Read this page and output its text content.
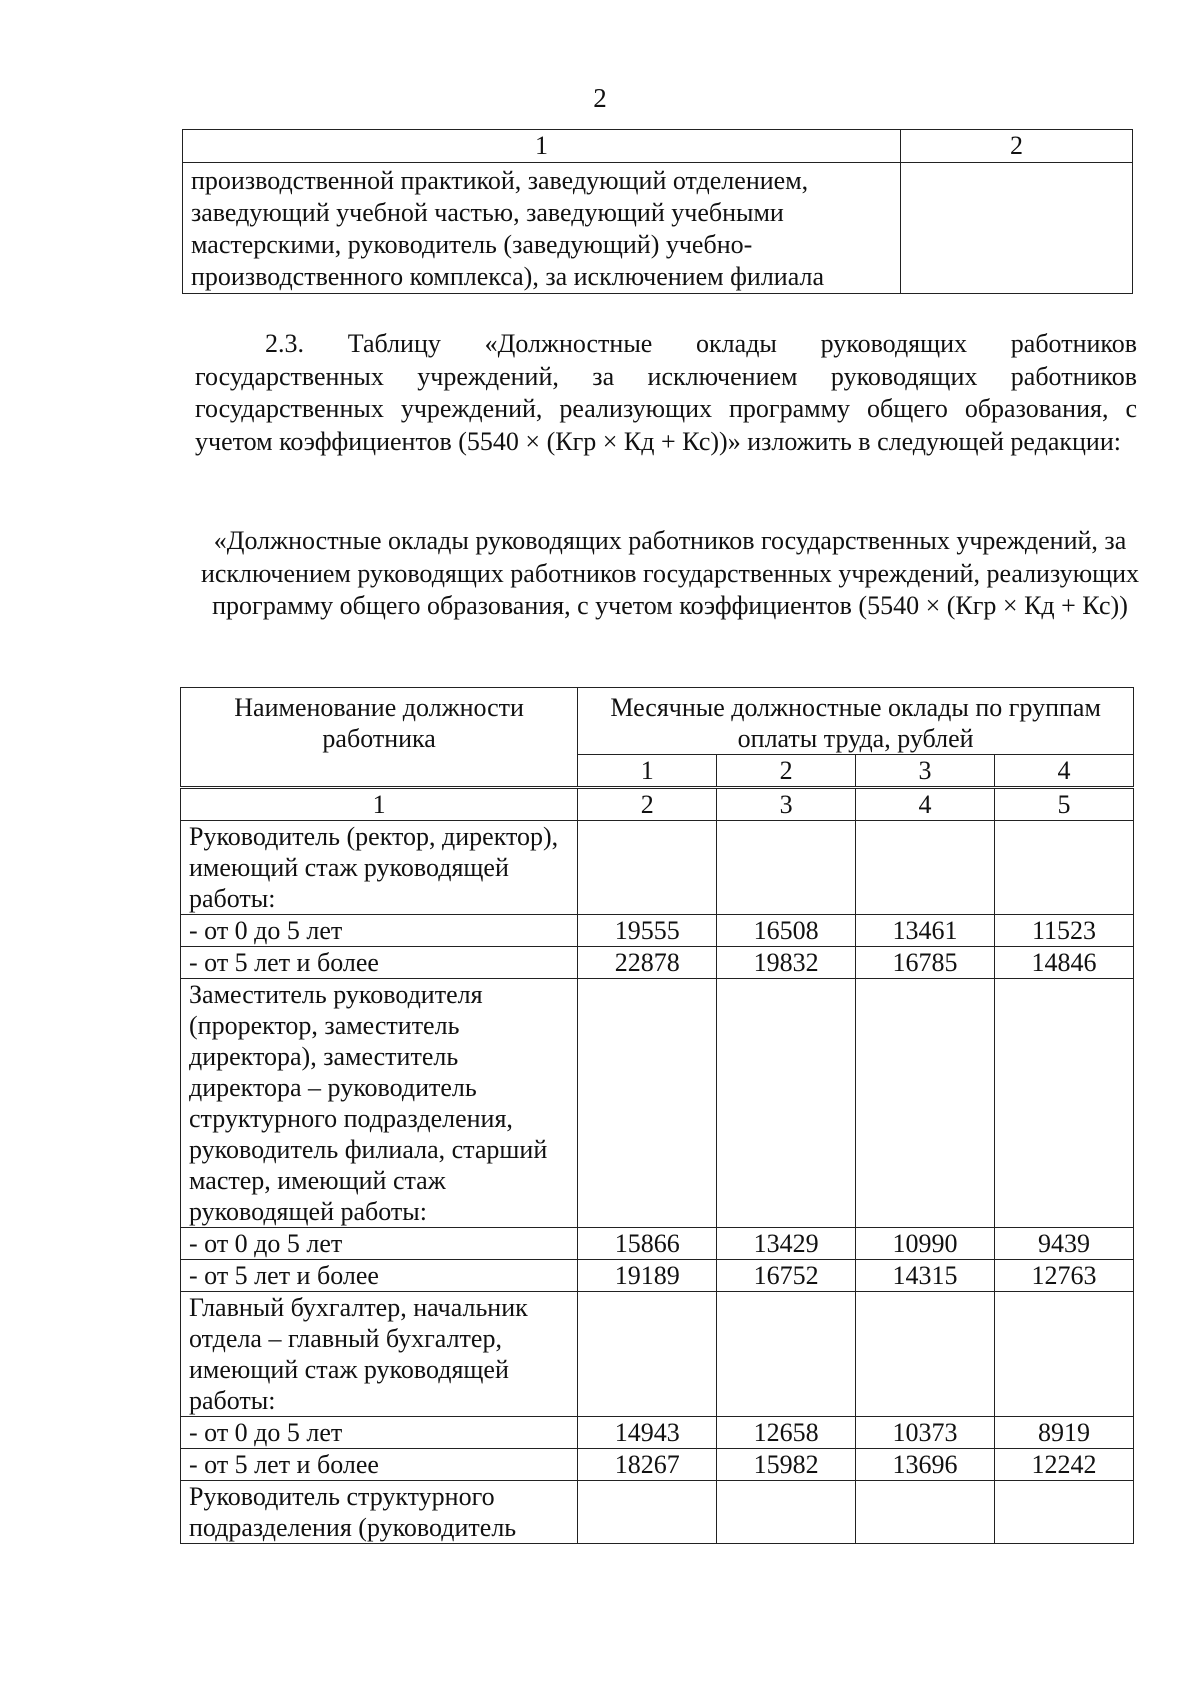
2
1	2
производственной практикой, заведующий отделением, заведующий учебной частью, заведующий учебными мастерскими, руководитель (заведующий) учебно-производственного комплекса), за исключением филиала	
2.3. Таблицу «Должностные оклады руководящих работников государственных учреждений, за исключением руководящих работников государственных учреждений, реализующих программу общего образования, с учетом коэффициентов (5540 × (Кгр × Кд + Кс))» изложить в следующей редакции:
«Должностные оклады руководящих работников государственных учреждений, за исключением руководящих работников государственных учреждений, реализующих программу общего образования, с учетом коэффициентов (5540 × (Кгр × Кд + Кс))
Наименование должности работника	Месячные должностные оклады по группам оплаты труда, рублей			
	1	2	3	4
1	2	3	4	5
Руководитель (ректор, директор), имеющий стаж руководящей работы:				
- от 0 до 5 лет	19555	16508	13461	11523
- от 5 лет и более	22878	19832	16785	14846
Заместитель руководителя (проректор, заместитель директора), заместитель директора – руководитель структурного подразделения, руководитель филиала, старший мастер, имеющий стаж руководящей работы:				
- от 0 до 5 лет	15866	13429	10990	9439
- от 5 лет и более	19189	16752	14315	12763
Главный бухгалтер, начальник отдела – главный бухгалтер, имеющий стаж руководящей работы:				
- от 0 до 5 лет	14943	12658	10373	8919
- от 5 лет и более	18267	15982	13696	12242
Руководитель структурного подразделения (руководитель				
